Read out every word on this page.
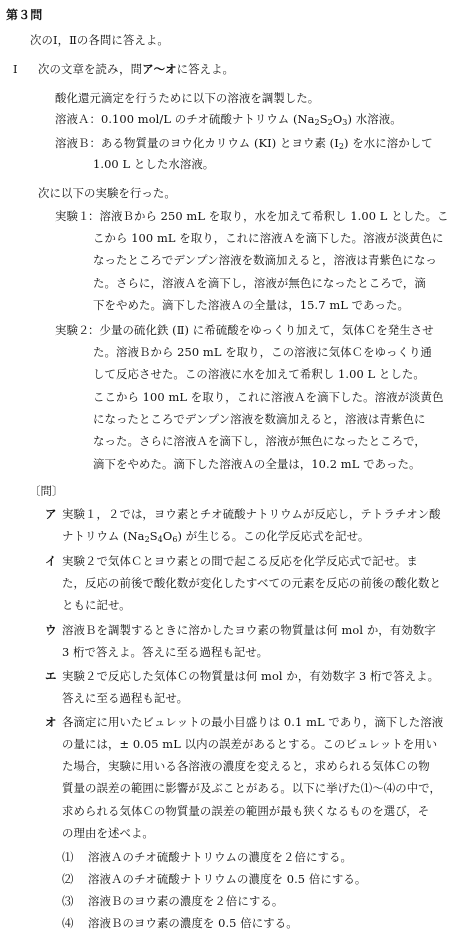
第３問
次のⅠ，Ⅱの各問に答えよ。
Ⅰ 次の文章を読み，問ア～オに答えよ。
酸化還元滴定を行うために以下の溶液を調製した。
溶液Ａ：0.100 mol/L のチオ硫酸ナトリウム $(Na_2S_2O_3)$ 水溶液。
溶液Ｂ：ある物質量のヨウ化カリウム (KI) とヨウ素 $(I_2)$ を水に溶かして
1.00 L とした水溶液。
次に以下の実験を行った。
実験１
：溶液Ｂから 250 mL を取り，水を加えて希釈し 1.00 L とした。こ
こから 100 mL を取り，これに溶液Ａを滴下した。溶液が淡黄色に
なったところでデンプン溶液を数滴加えると，溶液は青紫色になっ
た。さらに，溶液Ａを滴下し，溶液が無色になったところで，滴
下をやめた。滴下した溶液Ａの全量は，15.7 mL であった。
実験２
：少量の硫化鉄 (Ⅱ) に希硫酸をゆっくり加えて，気体Ｃを発生させ
た。溶液Ｂから 250 mL を取り，この溶液に気体Ｃをゆっくり通
して反応させた。この溶液に水を加えて希釈し 1.00 L とした。
ここから 100 mL を取り，これに溶液Ａを滴下した。溶液が淡黄色
になったところでデンプン溶液を数滴加えると，溶液は青紫色に
なった。さらに溶液Ａを滴下し，溶液が無色になったところで，
滴下をやめた。滴下した溶液Ａの全量は，10.2 mL であった。
〔問〕
ア 実験１，２では，ヨウ素とチオ硫酸ナトリウムが反応し，テトラチオン酸
ナトリウム $(Na_2S_4O_6)$ が生じる。この化学反応式を記せ。
イ 実験２で気体Ｃとヨウ素との間で起こる反応を化学反応式で記せ。ま
た，反応の前後で酸化数が変化したすべての元素を反応の前後の酸化数と
ともに記せ。
ウ 溶液Ｂを調製するときに溶かしたヨウ素の物質量は何 mol か，有効数字
3 桁で答えよ。答えに至る過程も記せ。
エ 実験２で反応した気体Ｃの物質量は何 mol か，有効数字 3 桁で答えよ。
答えに至る過程も記せ。
オ 各滴定に用いたビュレットの最小目盛りは 0.1 mL であり，滴下した溶液
の量には，± 0.05 mL 以内の誤差があるとする。このビュレットを用い
た場合，実験に用いる各溶液の濃度を変えると，求められる気体Ｃの物
質量の誤差の範囲に影響が及ぶことがある。以下に挙げた⑴～⑷の中で，
求められる気体Ｃの物質量の誤差の範囲が最も狭くなるものを選び，そ
の理由を述べよ。
⑴ 溶液Ａのチオ硫酸ナトリウムの濃度を２倍にする。
⑵ 溶液Ａのチオ硫酸ナトリウムの濃度を 0.5 倍にする。
⑶ 溶液Ｂのヨウ素の濃度を２倍にする。
⑷ 溶液Ｂのヨウ素の濃度を 0.5 倍にする。
